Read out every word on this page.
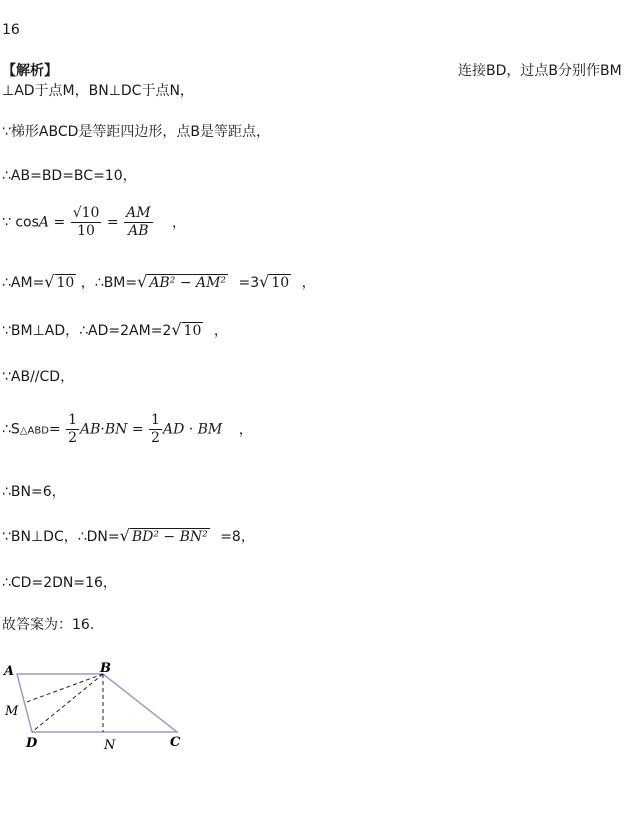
16
【解析】	连接BD，过点B分别作BM
⊥AD于点M，BN⊥DC于点N，
∵梯形ABCD是等距四边形，点B是等距点，
∴AB=BD=BC=10，
∵ $\cos A = \frac{√10}{10} = \frac{AM}{AB}$ ，
∴AM=√ 10 ，∴BM=√ AB² − AM² =3√ 10 ，
∵BM⊥AD，∴AD=2AM=2√ 10 ，
∵AB//CD，
∴S△ABD= $\frac{1}{2} AB\cdot BN = \frac{1}{2}$ AD · BM ，
∴BN=6，
∵BN⊥DC，∴DN=√ BD² − BN² =8，
∴CD=2DN=16，
故答案为：16.
A	B
M
D	N	C
